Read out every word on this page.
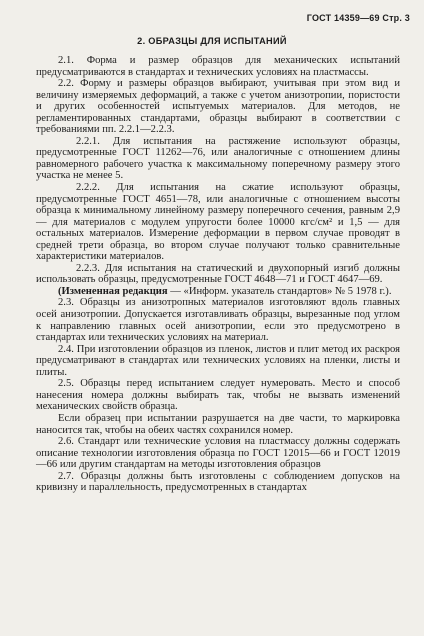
ГОСТ 14359—69 Стр. 3
2. ОБРАЗЦЫ ДЛЯ ИСПЫТАНИЙ

2.1. Форма и размер образцов для механических испытаний предусматриваются в стандартах и технических условиях на пластмассы.

2.2. Форму и размеры образцов выбирают, учитывая при этом вид и величину измеряемых деформаций, а также с учетом анизотропии, пористости и других особенностей испытуемых материалов. Для методов, не регламентированных стандартами, образцы выбирают в соответствии с требованиями пп. 2.2.1—2.2.3.

2.2.1. Для испытания на растяжение используют образцы, предусмотренные ГОСТ 11262—76, или аналогичные с отношением длины равномерного рабочего участка к максимальному поперечному размеру этого участка не менее 5.

2.2.2. Для испытания на сжатие используют образцы, предусмотренные ГОСТ 4651—78, или аналогичные с отношением высоты образца к минимальному линейному размеру поперечного сечения, равным 2,9 — для материалов с модулем упругости более 10000 кгс/см² и 1,5 — для остальных материалов. Измерение деформации в первом случае проводят в средней трети образца, во втором случае получают только сравнительные характеристики материалов.

2.2.3. Для испытания на статический и двухопорный изгиб должны использовать образцы, предусмотренные ГОСТ 4648—71 и ГОСТ 4647—69.

(Измененная редакция — «Информ. указатель стандартов» № 5 1978 г.).

2.3. Образцы из анизотропных материалов изготовляют вдоль главных осей анизотропии. Допускается изготавливать образцы, вырезанные под углом к направлению главных осей анизотропии, если это предусмотрено в стандартах или технических условиях на материал.

2.4. При изготовлении образцов из пленок, листов и плит метод их раскроя предусматривают в стандартах или технических условиях на пленки, листы и плиты.

2.5. Образцы перед испытанием следует нумеровать. Место и способ нанесения номера должны выбирать так, чтобы не вызвать изменений механических свойств образца.

Если образец при испытании разрушается на две части, то маркировка наносится так, чтобы на обеих частях сохранился номер.

2.6. Стандарт или технические условия на пластмассу должны содержать описание технологии изготовления образца по ГОСТ 12015—66 и ГОСТ 12019—66 или другим стандартам на методы изготовления образцов

2.7. Образцы должны быть изготовлены с соблюдением допусков на кривизну и параллельность, предусмотренных в стандартах
